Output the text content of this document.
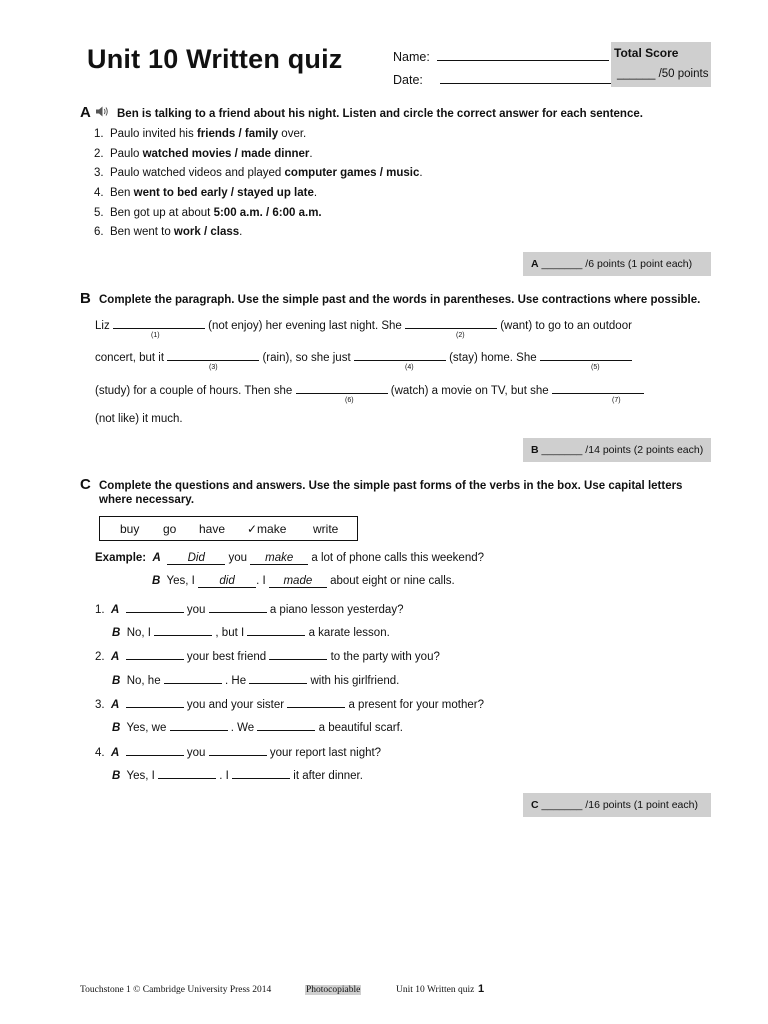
Unit 10 Written quiz	Name:
Date:
Total Score
______ /50 points
A Ben is talking to a friend about his night. Listen and circle the correct answer for each sentence.
1. Paulo invited his friends / family over.
2. Paulo watched movies / made dinner.
3. Paulo watched videos and played computer games / music.
4. Ben went to bed early / stayed up late.
5. Ben got up at about 5:00 a.m. / 6:00 a.m.
6. Ben went to work / class.
A _______ /6 points (1 point each)
B Complete the paragraph. Use the simple past and the words in parentheses. Use contractions where possible.
Liz	(not enjoy) her evening last night. She	(want) to go to an outdoor
(1)	(2)
concert, but it	(rain), so she just	(stay) home. She
(3)	(4)	(5)
(study) for a couple of hours. Then she	(watch) a movie on TV, but she
(6)	(7)
(not like) it much.
B _______ /14 points (2 points each)
C Complete the questions and answers. Use the simple past forms of the verbs in the box. Use capital letters
where necessary.
buy go have ✓make write
Example: A Did you make a lot of phone calls this weekend?
B Yes, I did . I made about eight or nine calls.
1. A	you	a piano lesson yesterday?
B No, I	, but I	a karate lesson.
2. A	your best friend	to the party with you?
B No, he	. He	with his girlfriend.
3. A	you and your sister	a present for your mother?
B Yes, we	. We	a beautiful scarf.
4. A	you	your report last night?
B Yes, I	. I	it after dinner.
C _______ /16 points (1 point each)
Touchstone 1 © Cambridge University Press 2014	Photocopiable	Unit 10 Written quiz 1
